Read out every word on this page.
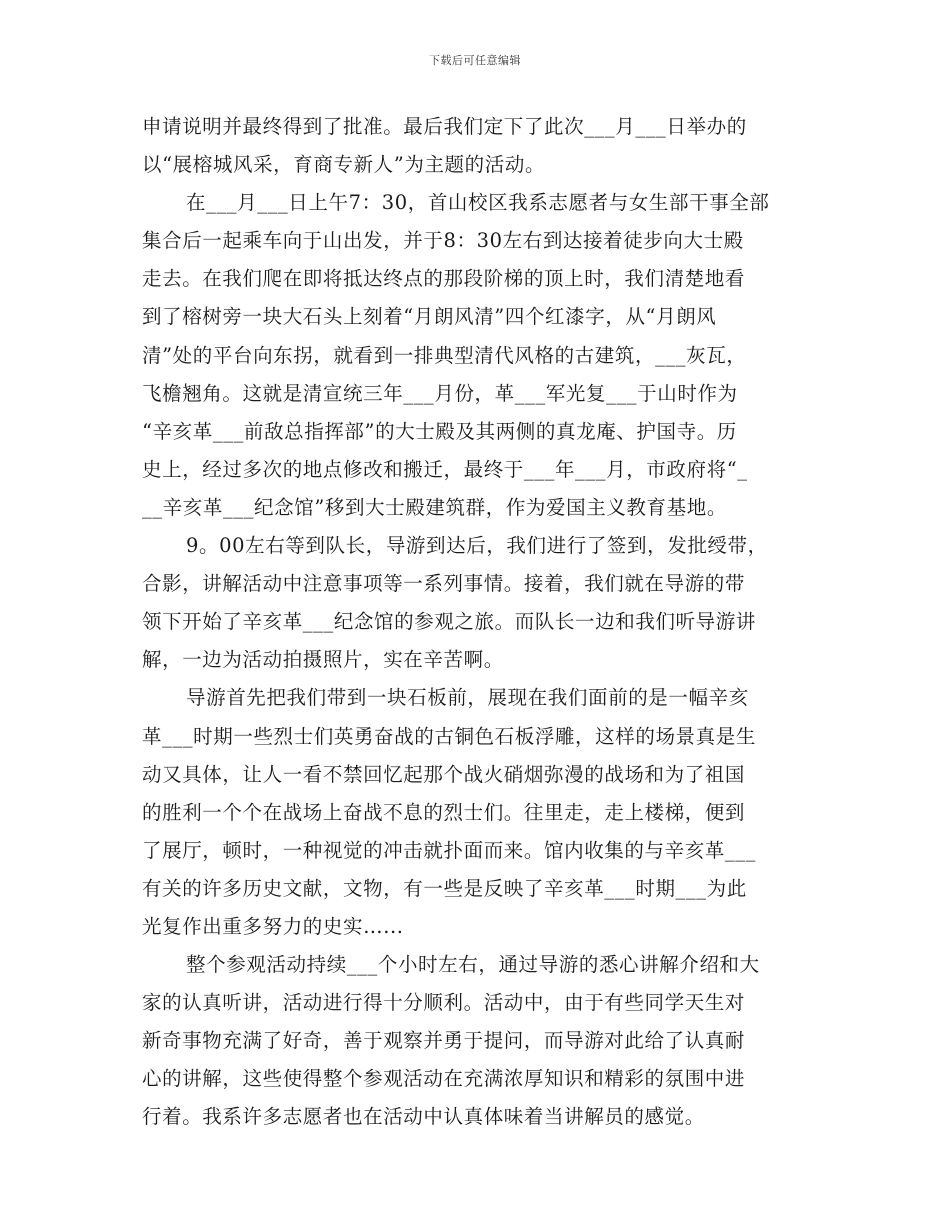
下载后可任意编辑
申请说明并最终得到了批准。最后我们定下了此次___月___日举办的
以“展榕城风采，育商专新人”为主题的活动。
在___月___日上午7：30，首山校区我系志愿者与女生部干事全部
集合后一起乘车向于山出发，并于8：30左右到达接着徒步向大士殿
走去。在我们爬在即将抵达终点的那段阶梯的顶上时，我们清楚地看
到了榕树旁一块大石头上刻着“月朗风清”四个红漆字，从“月朗风
清”处的平台向东拐，就看到一排典型清代风格的古建筑，___灰瓦，
飞檐翘角。这就是清宣统三年___月份，革___军光复___于山时作为
“辛亥革___前敌总指挥部”的大士殿及其两侧的真龙庵、护国寺。历
史上，经过多次的地点修改和搬迁，最终于___年___月，市政府将“_
__辛亥革___纪念馆”移到大士殿建筑群，作为爱国主义教育基地。
9。00左右等到队长，导游到达后，我们进行了签到，发批绶带，
合影，讲解活动中注意事项等一系列事情。接着，我们就在导游的带
领下开始了辛亥革___纪念馆的参观之旅。而队长一边和我们听导游讲
解，一边为活动拍摄照片，实在辛苦啊。
导游首先把我们带到一块石板前，展现在我们面前的是一幅辛亥
革___时期一些烈士们英勇奋战的古铜色石板浮雕，这样的场景真是生
动又具体，让人一看不禁回忆起那个战火硝烟弥漫的战场和为了祖国
的胜利一个个在战场上奋战不息的烈士们。往里走，走上楼梯，便到
了展厅，顿时，一种视觉的冲击就扑面而来。馆内收集的与辛亥革___
有关的许多历史文献，文物，有一些是反映了辛亥革___时期___为此
光复作出重多努力的史实…...
整个参观活动持续___个小时左右，通过导游的悉心讲解介绍和大
家的认真听讲，活动进行得十分顺利。活动中，由于有些同学天生对
新奇事物充满了好奇，善于观察并勇于提问，而导游对此给了认真耐
心的讲解，这些使得整个参观活动在充满浓厚知识和精彩的氛围中进
行着。我系许多志愿者也在活动中认真体味着当讲解员的感觉。
